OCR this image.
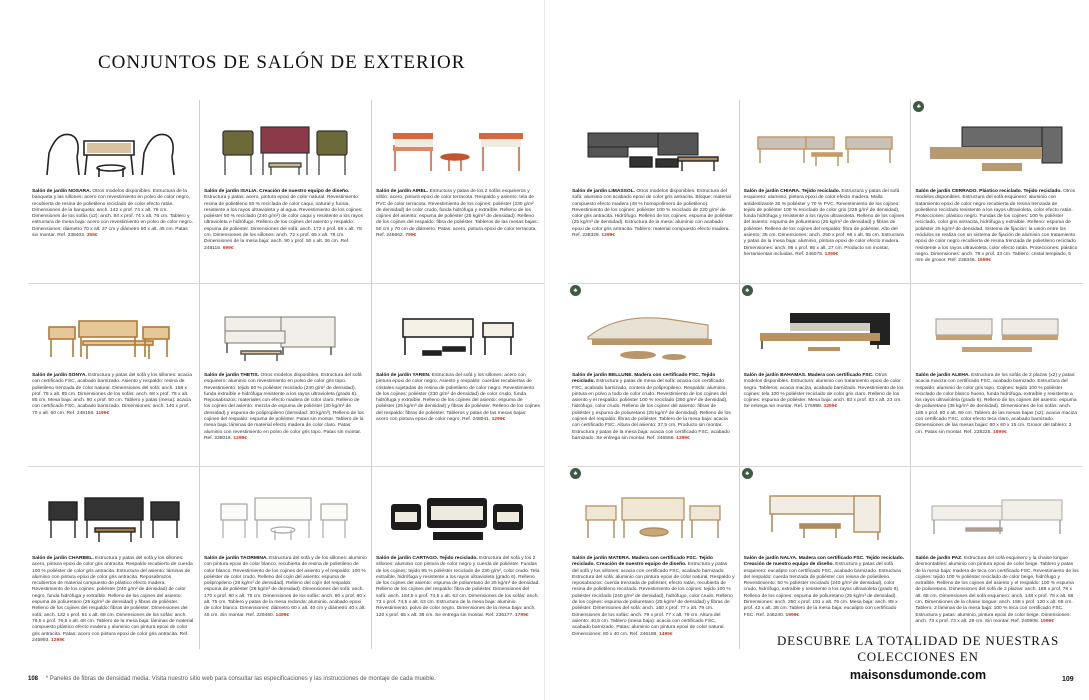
CONJUNTOS DE SALÓN DE EXTERIOR
Salón de jardín NOSARA. Otros modelos disponibles. Estructura de la banqueta y las sillones: acero con revestimiento en polvo de color negro, recubierta de resina de polietileno reciclado de color efecto ratán. Dimensiones de la banqueta: anch. 142 x prof. 74 x alt. 76 cm. Dimensiones de los sofás (x2): anch. 84 x prof. 74 x alt. 76 cm. Tablero y estructura de mesa baja: acero con revestimiento en polvo de color negro. Dimensiones: diámetro 70 x alt. 37 cm y diámetro 50 x alt. 45 cm. Patas sin montar. Ref. 238403. 355€
Salón de jardín ISALIA. Creación de nuestro equipo de diseño. Estructura y patas: acero, pintura epoxi de color natural. Revestimiento: resina de polietileno 50 % reciclada de color caqui, natural y fucsia, resistente a los rayos ultravioleta y al agua. Revestimiento de los cojines: poliéster 50 % reciclado (240 g/m²) de color caqui y resistente a los rayos ultravioleta e hidrófugo. Relleno de los cojines del asiento y respaldo: espuma de poliéster. Dimensiones del sofá: anch. 172 x prof. 65 x alt. 78 cm. Dimensiones de los sillones: anch. 72 x prof. 65 x alt. 78 cm. Dimensiones de la mesa baja: anch. 90 x prof. 50 x alt. 36 cm. Ref. 248115. 699€
Salón de jardín AIREL. Estructura y patas de los 2 sofás esquineros y sillón: acero, pintura epoxi de color terracota. Respaldo y asiento: tela de PVC de color terracota. Revestimiento de los cojines: poliéster (230 g/m² de densidad) de color crudo, funda hidrófuga y extraíble. Relleno de los cojines del asiento: espuma de poliéster (25 kg/m³ de densidad). Relleno de los cojines del respaldo: fibra de poliéster. Tableros de las mesas bajas: 50 cm y 70 cm de diámetro. Patas: acero, pintura epoxi de color terracota. Ref. 245662. 799€
Salón de jardín SONYA. Estructura y patas del sofá y los sillones: acacia con certificado FSC, acabado barnizado. Asiento y respaldo: resina de polietileno trenzada de color natural. Dimensiones del sofá: anch. 158 x prof. 78 x alt. 85 cm. Dimensiones de los sofás: anch. 68 x prof. 78 x alt. 85 cm. Mesa baja: anch. 90 x prof. 50 cm. Tablero y patas (mesa): acacia con certificado FSC, acabado barnizado. Dimensiones: anch. 140 x prof. 70 x alt. 60 cm. Ref. 248156. 1199€
Salón de jardín THETIS. Otros modelos disponibles. Estructura del sofá esquinero: aluminio con revestimiento en polvo de color gris topo. Revestimiento: tejido 50 % poliéster reciclado (240 g/m² de densidad), funda extraíble e hidrófuga resistente a los rayos ultravioleta (grado 6). Reposabrazos: materiales con efecto madera de color claro. Relleno de los cojines del asiento: mezcla de espuma de poliéster (30 kg/m³ de densidad) y espuma de polipropileno (densidad: 30 kg/m³). Relleno de los cojines del respaldo: espuma de poliéster. Patas sin montar. Tablero de la mesa baja: láminas de material efecto madera de color claro. Patas: aluminio con revestimiento en polvo de color gris topo. Patas sin montar. Ref. 238018. 1299€
Salón de jardín YAREN. Estructura del sofá y los sillones: acero con pintura epoxi de color negro. Asiento y respaldo: cuerdas recubiertas de cristales sujetadas de resina de polietileno de color negro. Revestimiento de los cojines: poliéster (230 g/m² de densidad) de color crudo, funda hidrófuga y extraíble. Relleno de los cojines del asiento: espuma de poliéster (25 kg/m³ de densidad) y fibras de poliéster. Relleno de los cojines del respaldo: fibras de poliéster. Tableros y patas de las mesas bajas: acero con pintura epoxi de color negro. Ref. 248041. 1299€
Salón de jardín CHARBEL. Estructura y patas del sofá y los sillones: acero, pintura epoxi de color gris antracita. Respaldo recubierto de cuerda 100 % poliéster de color gris antracita. Estructura del asiento: láminas de aluminio con pintura epoxi de color gris antracita. Reposabrazos recubiertos de material compuesto de plástico efecto madera. Revestimiento de los cojines: poliéster (240 g/m² de densidad) de color negro, funda hidrófuga y extraíble. Relleno de los cojines del asiento: espuma de poliuretano (25 kg/m³ de densidad) y fibras de poliéster. Relleno de los cojines del respaldo: fibras de poliéster. Dimensiones del sofá: anch. 132 x prof. 81 x alt. 68 cm. Dimensiones de los sofás: anch. 76,5 x prof. 76,5 x alt. 68 cm. Tablero de la mesa baja: láminas de material compuesto plástico efecto madera y aluminio con pintura epoxi de color gris antracita. Patas: acero con pintura epoxi de color gris antracita. Ref. 245993. 1299€
Salón de jardín TAORMINA. Estructura del sofá y de los sillones: aluminio con pintura epoxi de color blanco, recubierta de resina de polietileno de color blanco. Revestimiento de los cojines del asiento y el respaldo: 100 % poliéster de color crudo. Relleno del cojín del asiento: espuma de polipropileno (28 kg/m³ de densidad). Relleno del cojín del respaldo: espuma de poliéster (28 kg/m³ de densidad). Dimensiones del sofá: anch. 170 x prof. 80 x alt. 75 cm. Dimensiones de los sofás: anch. 80 x prof. 80 x alt. 75 cm. Tablero y patas de la mesa redonda: aluminio, acabado epoxi de color blanco. Dimensiones: diámetro 60 x alt. 40 cm y diámetro 40 x alt. 45 cm. Sin montar. Ref. 229460. 1499€
Salón de jardín CARTAGO. Tejido reciclado. Estructura del sofá y los 2 sillones: aluminio con pintura de color negro y cuerda de poliéster. Fundas de los cojines: tejido 95 % poliéster reciclado de 230 g/m², color crudo. Tela extraíble, hidrófuga y resistente a los rayos ultravioleta (grado 6). Relleno de los cojines del asiento: espuma de poliuretano de 25 kg/m³ de densidad. Relleno de los cojines del respaldo: fibra de poliéster. Dimensiones del sofá: anch. 184,5 x prof. 74,5 x alt. 63 cm. Dimensiones de los sofás: anch. 73 x prof. 74,5 x alt. 63 cm. Estructura de la mesa baja: aluminio. Revestimiento: polvo de color negro. Dimensiones de la mesa baja: anch. 120 x prof. 65 x alt. 38 cm. Se entrega sin montar. Ref. 236177. 1799€
Salón de jardín LIMASSOL. Otros modelos disponibles. Estructura del sofá: aluminio con acabado epoxi de color gris antracita. Bloque: material compuesto efecto madera (48 % homopolímero de polietileno). Revestimiento de los cojines: poliéster 100 % reciclado de 220 g/m² de color gris antracita. Hidrófugo. Relleno de los cojines: espuma de poliéster (25 kg/m³ de densidad). Estructura de la mesa: aluminio con acabado epoxi de color gris antracita. Tablero: material compuesto efecto madera. Ref. 238329. 1299€
Salón de jardín CHIARA. Tejido reciclado. Estructura y patas del sofá esquinero: aluminio, pintura epoxi de color efecto madera. Malla antideslizante 30 % poliéster y 70 % PVC. Revestimiento de los cojines: tejido de poliéster 100 % reciclado de color gris (225 g/m² de densidad), funda hidrófuga y resistente a los rayos ultravioleta. Relleno de los cojines del asiento: espuma de poliuretano (26 kg/m³ de densidad) y fibras de poliéster. Relleno de los cojines del respaldo: fibra de poliéster. Alto del asiento: 35 cm. Dimensiones: anch. 250 x prof. 66 x alt. 65 cm. Estructura y patas de la mesa baja: aluminio, pintura epoxi de color efecto madera. Dimensiones: anch. 86 x prof. 86 x alt. 27 cm. Producto sin montar, herramientas incluidas. Ref. 246075. 1399€
♣
Salón de jardín CERRADO. Plástico reciclado. Tejido reciclado. Otros modelos disponibles. Estructura del sofá esquinero: aluminio con tratamiento epoxi de color negro recubierta de resina trenzada de polietileno reciclado resistente a los rayos ultravioleta, color efecto ratán. Protecciones: plástico negro. Fundas de los cojines: 100 % poliéster reciclado, color gris antracita, hidrófuga y extraíble. Relleno: espuma de poliéster 25 kg/m³ de densidad. Sistema de fijación: la unión entre los módulos se realiza con un sistema de fijación de aluminio con tratamiento epoxi de color negro recubierta de resina trenzada de polietileno reciclado resistente a los rayos ultravioleta, color efecto ratán. Protecciones: plástico negro. Dimensiones: anch. 78 x prof. 33 cm. Tablero: cristal templado, 5 mm de grosor. Ref. 238346. 1699€
♣
Salón de jardín BELLUNE. Madera con certificado FSC. Tejido reciclado. Estructura y patas de mesa del sofá: acacia con certificado FSC, acabado barnizado, contera de polipropileno. Respaldo: aluminio, pintura en polvo a todo de color crudo. Revestimiento de los cojines del asiento y el respaldo: poliéster 100 % reciclado (250 g/m² de densidad), hidrófugo, color crudo. Relleno de los cojines del asiento: fibras de poliéster y espuma de poliuretano (25 kg/m³ de densidad). Relleno de los cojines del respaldo: fibras de poliéster. Tablero de la mesa baja: acacia con certificado FSC. Altura del asiento: 37,5 cm. Producto sin montar. Estructura y patas de la mesa baja: acacia con certificado FSC, acabado barnizado. Se entrega sin montar. Ref. 246556. 1399€
♣
Salón de jardín BAHAMAS. Madera con certificado FSC. Otros modelos disponibles. Estructura: aluminio con tratamiento epoxi de color negro. Tableros: acacia maciza, acabado barnizado. Revestimiento de los cojines: tela 100 % poliéster reciclado de color gris claro. Relleno de los cojines: espuma de poliéster. Mesa baja: anch. 83 x prof. 83 x alt. 23 cm. Se entrega sin montar. Ref. 176998. 1299€
Salón de jardín ALEHA. Estructura de los sofás de 2 plazas (x2) y patas: acacia maciza con certificado FSC, acabado barnizado. Estructura del respaldo: aluminio de color gris topo. Cojines: tejido 100 % poliéster reciclado de color blanco hueso, funda hidrófuga, extraíble y resistente a los rayos ultravioleta (grado 6). Relleno de los cojines del asiento: espuma de poliuretano (35 kg/m³ de densidad). Dimensiones de los sofás: anch. 185 x prof. 80 x alt. 69 cm. Tablero de las mesas bajas (x2): acacia maciza con certificado FSC, color efecto teca claro, acabado barnizado. Dimensiones de las mesas bajas: 60 x 60 x 15 cm. Grosor del tablero: 3 cm. Patas sin montar. Ref. 238225. 1899€
♣
Salón de jardín MATERA. Madera con certificado FSC. Tejido reciclado. Creación de nuestro equipo de diseño. Estructura y patas del sofá y los sillones: acacia con certificado FSC, acabado barnizado. Estructura del sofá: aluminio con pintura epoxi de color natural. Respaldo y reposabrazos: cuerda trenzada de poliéster, efecto ratán, recubierta de resina de polietileno reciclado. Revestimiento de los cojines: tejido 100 % poliéster reciclado (240 g/m² de densidad), hidrófugo, color crudo. Relleno de los cojines: espuma de poliuretano (25 kg/m³ de densidad) y fibras de poliéster. Dimensiones del sofá: anch. 160 x prof. 77 x alt. 79 cm. Dimensiones de los sofás: anch. 79 x prof. 77 x alt. 79 cm. Altura del asiento: 40,5 cm. Tablero (mesa baja): acacia con certificado FSC, acabado barnizado. Patas: aluminio con pintura epoxi de color natural. Dimensiones: 80 x 40 cm. Ref. 246188. 1499€
♣
Salón de jardín NALYA. Madera con certificado FSC. Tejido reciclado. Creación de nuestro equipo de diseño. Estructura y patas del sofá esquinero: eucalipto con certificado FSC, acabado barnizado. Estructura del respaldo: cuerda trenzada de poliéster con resina de polietileno. Revestimiento: 50 % poliéster reciclado (240 g/m² de densidad), color crudo, hidrófugo, extraíble y resistente a los rayos ultravioleta (grado 6). Relleno de los cojines: espuma de poliuretano (25 kg/m³ de densidad). Dimensiones: anch. 250 x prof. 191 x alt. 76 cm. Mesa baja: anch. 89 x prof. 42 x alt. 38 cm. Tablero de la mesa baja: eucalipto con certificado FSC. Ref. 246240. 1999€
Salón de jardín PAZ. Estructura del sofá esquinero y la chaise longue desmontables: aluminio con pintura epoxi de color beige. Tablero y patas de la mesa baja: madera de teca con certificado FSC. Revestimiento de los cojines: tejido 100 % poliéster reciclado de color beige, hidrófugo y extraíble. Relleno de los cojines del asiento y el respaldo: 100 % espuma de poliuretano. Dimensiones del sofá de 2 plazas: anch. 188 x prof. 78 x alt. 68 cm. Dimensiones del sofá esquinero: anch. 148 x prof. 78 x alt. 68 cm. Dimensiones de la chaise longue: anch. 158 x prof. 120 x alt. 68 cm. Tablero: 2 láminas de la mesa baja: 100 % teca con certificado FSC. Estructura y patas: aluminio, pintura epoxi de color beige. Dimensiones: anch. 73 x prof. 73 x alt. 29 cm. Sin montar. Ref. 240908. 1999€
DESCUBRE LA TOTALIDAD DE NUESTRAS COLECCIONES EN
maisonsdumonde.com
108 * Paneles de fibras de densidad media. Visita nuestro sitio web para consultar las especificaciones y las instrucciones de montaje de cada mueble.	109
